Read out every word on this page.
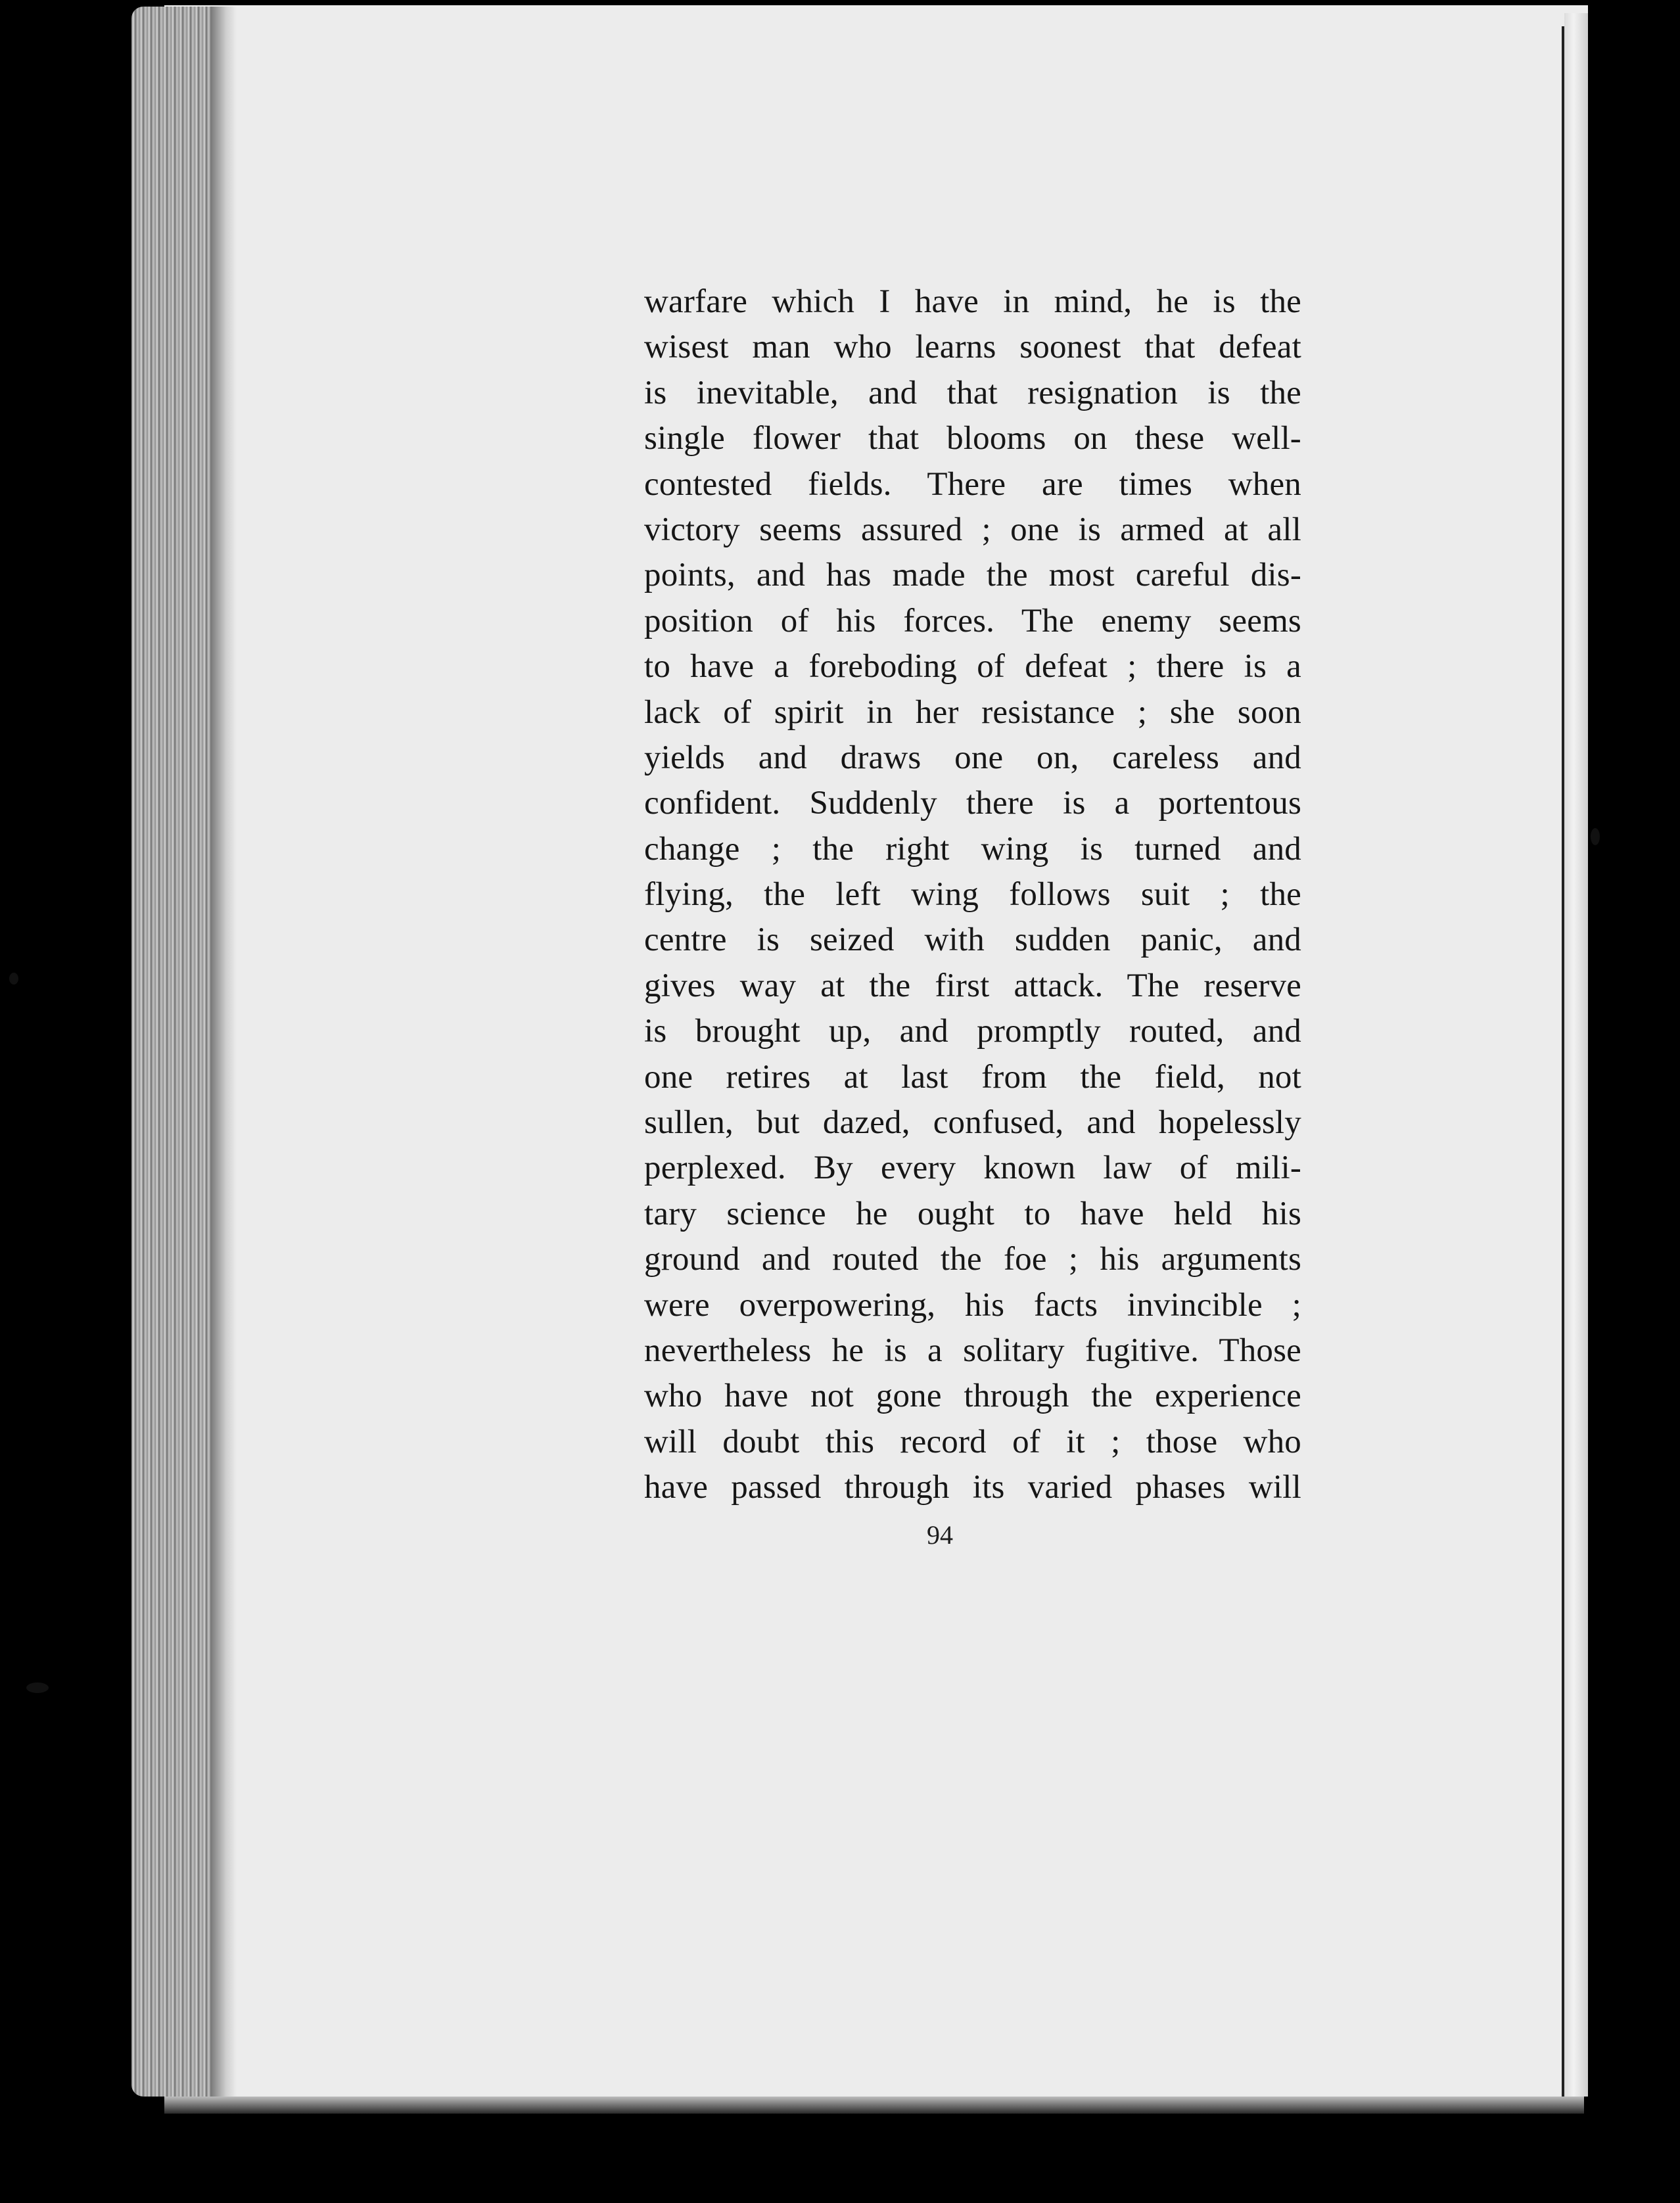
warfare which I have in mind, he is the
wisest man who learns soonest that defeat
is inevitable, and that resignation is the
single flower that blooms on these well-
contested fields. There are times when
victory seems assured ; one is armed at all
points, and has made the most careful dis-
position of his forces. The enemy seems
to have a foreboding of defeat ; there is a
lack of spirit in her resistance ; she soon
yields and draws one on, careless and
confident. Suddenly there is a portentous
change ; the right wing is turned and
flying, the left wing follows suit ; the
centre is seized with sudden panic, and
gives way at the first attack. The reserve
is brought up, and promptly routed, and
one retires at last from the field, not
sullen, but dazed, confused, and hopelessly
perplexed. By every known law of mili-
tary science he ought to have held his
ground and routed the foe ; his arguments
were overpowering, his facts invincible ;
nevertheless he is a solitary fugitive. Those
who have not gone through the experience
will doubt this record of it ; those who
have passed through its varied phases will
94
